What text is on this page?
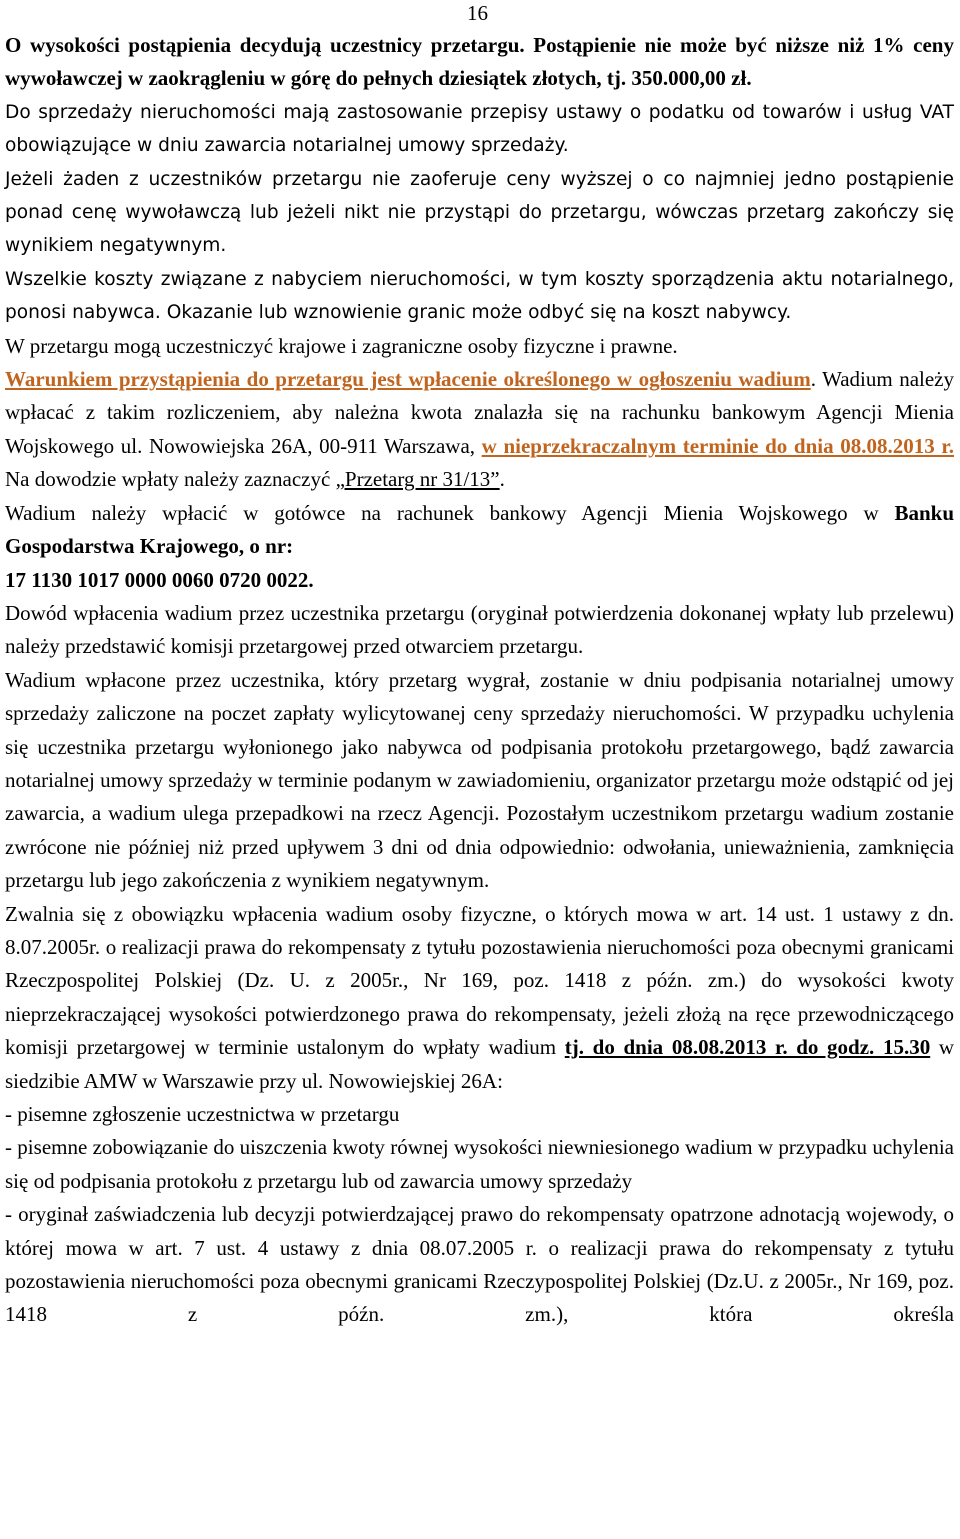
16

O wysokości postąpienia decydują uczestnicy przetargu. Postąpienie nie może być niższe niż 1% ceny wywoławczej w zaokrągleniu w górę do pełnych dziesiątek złotych, tj. 350.000,00 zł.

Do sprzedaży nieruchomości mają zastosowanie przepisy ustawy o podatku od towarów i usług VAT obowiązujące w dniu zawarcia notarialnej umowy sprzedaży.

Jeżeli żaden z uczestników przetargu nie zaoferuje ceny wyższej o co najmniej jedno postąpienie ponad cenę wywoławczą lub jeżeli nikt nie przystąpi do przetargu, wówczas przetarg zakończy się wynikiem negatywnym.

Wszelkie koszty związane z nabyciem nieruchomości, w tym koszty sporządzenia aktu notarialnego, ponosi nabywca. Okazanie lub wznowienie granic może odbyć się na koszt nabywcy.

W przetargu mogą uczestniczyć krajowe i zagraniczne osoby fizyczne i prawne.

Warunkiem przystąpienia do przetargu jest wpłacenie określonego w ogłoszeniu wadium. Wadium należy wpłacać z takim rozliczeniem, aby należna kwota znalazła się na rachunku bankowym Agencji Mienia Wojskowego ul. Nowowiejska 26A, 00-911 Warszawa, w nieprzekraczalnym terminie do dnia 08.08.2013 r. Na dowodzie wpłaty należy zaznaczyć „Przetarg nr 31/13”.

Wadium należy wpłacić w gotówce na rachunek bankowy Agencji Mienia Wojskowego w Banku Gospodarstwa Krajowego, o nr:
17 1130 1017 0000 0060 0720 0022.

Dowód wpłacenia wadium przez uczestnika przetargu (oryginał potwierdzenia dokonanej wpłaty lub przelewu) należy przedstawić komisji przetargowej przed otwarciem przetargu.

Wadium wpłacone przez uczestnika, który przetarg wygrał, zostanie w dniu podpisania notarialnej umowy sprzedaży zaliczone na poczet zapłaty wylicytowanej ceny sprzedaży nieruchomości. W przypadku uchylenia się uczestnika przetargu wyłonionego jako nabywca od podpisania protokołu przetargowego, bądź zawarcia notarialnej umowy sprzedaży w terminie podanym w zawiadomieniu, organizator przetargu może odstąpić od jej zawarcia, a wadium ulega przepadkowi na rzecz Agencji. Pozostałym uczestnikom przetargu wadium zostanie zwrócone nie później niż przed upływem 3 dni od dnia odpowiednio: odwołania, unieważnienia, zamknięcia przetargu lub jego zakończenia z wynikiem negatywnym.

Zwalnia się z obowiązku wpłacenia wadium osoby fizyczne, o których mowa w art. 14 ust. 1 ustawy z dn. 8.07.2005r. o realizacji prawa do rekompensaty z tytułu pozostawienia nieruchomości poza obecnymi granicami Rzeczpospolitej Polskiej (Dz. U. z 2005r., Nr 169, poz. 1418 z późn. zm.) do wysokości kwoty nieprzekraczającej wysokości potwierdzonego prawa do rekompensaty, jeżeli złożą na ręce przewodniczącego komisji przetargowej w terminie ustalonym do wpłaty wadium tj. do dnia 08.08.2013 r. do godz. 15.30 w siedzibie AMW w Warszawie przy ul. Nowowiejskiej 26A:

- pisemne zgłoszenie uczestnictwa w przetargu

- pisemne zobowiązanie do uiszczenia kwoty równej wysokości niewniesionego wadium w przypadku uchylenia się od podpisania protokołu z przetargu lub od zawarcia umowy sprzedaży

- oryginał zaświadczenia lub decyzji potwierdzającej prawo do rekompensaty opatrzone adnotacją wojewody, o której mowa w art. 7 ust. 4 ustawy z dnia 08.07.2005 r. o realizacji prawa do rekompensaty z tytułu pozostawienia nieruchomości poza obecnymi granicami Rzeczypospolitej Polskiej (Dz.U. z 2005r., Nr 169, poz. 1418 z późn. zm.), która określa
